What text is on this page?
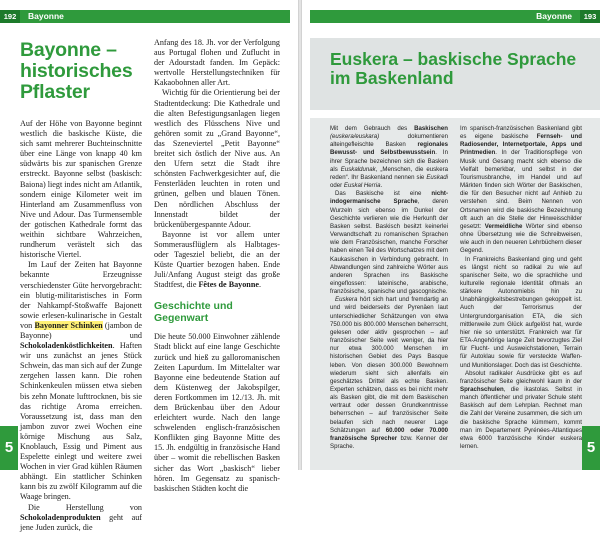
192	Bayonne
Bayonne – historisches Pflaster

Auf der Höhe von Bayonne beginnt westlich die baskische Küste, die sich samt mehrerer Buchteinschnitte über eine Länge von knapp 40 km südwärts bis zur spanischen Grenze erstreckt. Bayonne selbst (baskisch: Baiona) liegt indes nicht am Atlantik, sondern einige Kilometer weit im Hinterland am Zusammenfluss von Nive und Adour. Das Turmensemble der gotischen Kathedrale formt das weithin sichtbare Wahrzeichen, rundherum verästelt sich das historische Viertel.

Im Lauf der Zeiten hat Bayonne bekannte Erzeugnisse verschiedenster Güte hervorgebracht: ein blutig-militaristisches in Form der Nahkampf-Stoßwaffe Bajonett sowie erlesen-kulinarische in Gestalt von Bayonner Schinken (jambon de Bayonne) und Schokoladenköstlichkeiten. Haften wir uns zunächst an jenes Stück Schwein, das man sich auf der Zunge zergehen lassen kann. Die rohen Schinkenkeulen müssen etwa sieben bis zehn Monate lufttrocknen, bis sie das richtige Aroma erreichen. Voraussetzung ist, dass man den jambon zuvor zwei Wochen eine körnige Mischung aus Salz, Knoblauch, Essig und Piment aus Espelette einlegt und weitere zwei Wochen in vier Grad kühlen Räumen abhängt. Ein stattlicher Schinken kann bis zu zwölf Kilogramm auf die Waage bringen.

Die Herstellung von Schokoladenprodukten geht auf jene Juden zurück, die

Anfang des 18. Jh. vor der Verfolgung aus Portugal flohen und Zuflucht in der Adourstadt fanden. Im Gepäck: wertvolle Herstellungstechniken für Kakaobohnen aller Art.

Wichtig für die Orientierung bei der Stadtentdeckung: Die Kathedrale und die alten Befestigungsanlagen liegen westlich des Flüsschens Nive und gehören somit zu „Grand Bayonne“, das Szeneviertel „Petit Bayonne“ breitet sich östlich der Nive aus. An den Ufern setzt die Stadt ihre schönsten Fachwerkgesichter auf, die Fensterläden leuchten in roten und grünen, gelben und blauen Tönen. Den nördlichen Abschluss der Innenstadt bildet der brückenübergespannte Adour.

Bayonne ist vor allem unter Sommerausflüglern als Halbtages- oder Tagesziel beliebt, die an der Küste Quartier bezogen haben. Ende Juli/Anfang August steigt das große Stadtfest, die Fêtes de Bayonne.

Geschichte und Gegenwart

Die heute 50.000 Einwohner zählende Stadt blickt auf eine lange Geschichte zurück und hieß zu galloromanischen Zeiten Lapurdum. Im Mittelalter war Bayonne eine bedeutende Station auf dem Küstenweg der Jakobspilger, deren Fortkommen im 12./13. Jh. mit dem Brückenbau über den Adour erleichtert wurde. Nach den lange schwelenden englisch-französischen Konflikten ging Bayonne Mitte des 15. Jh. endgültig in französische Hand über – womit die rebellischen Basken sicher das Wort „baskisch“ lieber hören. Im Gegensatz zu spanisch-baskischen Städten kocht die

5
Bayonne	193
Euskera – baskische Sprache im Baskenland

Mit dem Gebrauch des Baskischen (euskera/euskara) dokumentieren alteingefleischte Basken regionales Bewusst- und Selbstbewusstsein. In ihrer Sprache bezeichnen sich die Basken als Euskaldunak, „Menschen, die euskera reden“. Ihr Baskenland nennen sie Euskadi oder Euskal Herria.

Das Baskische ist eine nicht-indogermanische Sprache, deren Wurzeln sich ebenso im Dunkel der Geschichte verlieren wie die Herkunft der Basken selbst. Baskisch besitzt keinerlei Verwandtschaft zu romanischen Sprachen wie dem Französischen, manche Forscher haben einen Teil des Wortschatzes mit dem Kaukasischen in Verbindung gebracht. In Abwandlungen sind zahlreiche Wörter aus anderen Sprachen ins Baskische eingeflossen: lateinische, arabische, französische, spanische und gascognische.

Euskera hört sich hart und fremdartig an und wird beiderseits der Pyrenäen laut unterschiedlicher Schätzungen von etwa 750.000 bis 800.000 Menschen beherrscht, gelesen oder aktiv gesprochen – auf französischer Seite weit weniger, da hier nur etwa 300.000 Menschen im historischen Gebiet des Pays Basque leben. Von diesen 300.000 Bewohnern wiederum sieht sich allenfalls ein geschätztes Drittel als echte Basken. Experten schätzen, dass es bei nicht mehr als Basken gibt, die mit dem Baskischen vertraut oder dessen Grundkenntnisse beherrschen – auf französischer Seite belaufen sich nach neuerer Lage Schätzungen auf 60.000 oder 70.000 französische Sprecher bzw. Kenner der Sprache.

Im spanisch-französischen Baskenland gibt es eigene baskische Fernseh- und Radiosender, Internetportale, Apps und Printmedien. In der Traditionspflege von Musik und Gesang macht sich ebenso die Vielfalt bemerkbar, und selbst in der Tourismusbranche, im Handel und auf Märkten finden sich Wörter der Baskischen, die für den Besucher nicht auf Anhieb zu verstehen sind. Beim Nennen von Ortsnamen wird die baskische Bezeichnung oft auch an die Stelle der Hinweisschilder gesetzt: Vermeidliche Wörter sind ebenso ohne Übersetzung wie die Schreibweisen, wie auch in den neueren Lehrbüchern dieser Gegend.

In Frankreichs Baskenland ging und geht es längst nicht so radikal zu wie auf spanischer Seite, wo die sprachliche und kulturelle regionale Identität oftmals an stärkere Autonomiebis hin zu Unabhängigkeitsbestrebungen gekoppelt ist. Auch der Terrorismus der Untergrundorganisation ETA, die sich mittlerweile zum Glück aufgelöst hat, wurde hier nie so unterstützt. Frankreich war für ETA-Angehörige lange Zeit bevorzugtes Ziel für Flucht- und Ausweichstationen, Terrain für Autoklau sowie für versteckte Waffen- und Munitionslager. Doch das ist Geschichte.

Absolut radikaler Ausdrücke gibt es auf französischer Seite gleichwohl kaum in der Sprachschulen, die ikastolas. Selbst in manch öffentlicher und privater Schule steht Baskisch auf dem Lehrplan. Rechnet man die Zahl der Vereine zusammen, die sich um die baskische Sprache kümmern, kommt man im Departement Pyrénées-Atlantiques etwa 6000 französische Kinder euskera lernen.	5
